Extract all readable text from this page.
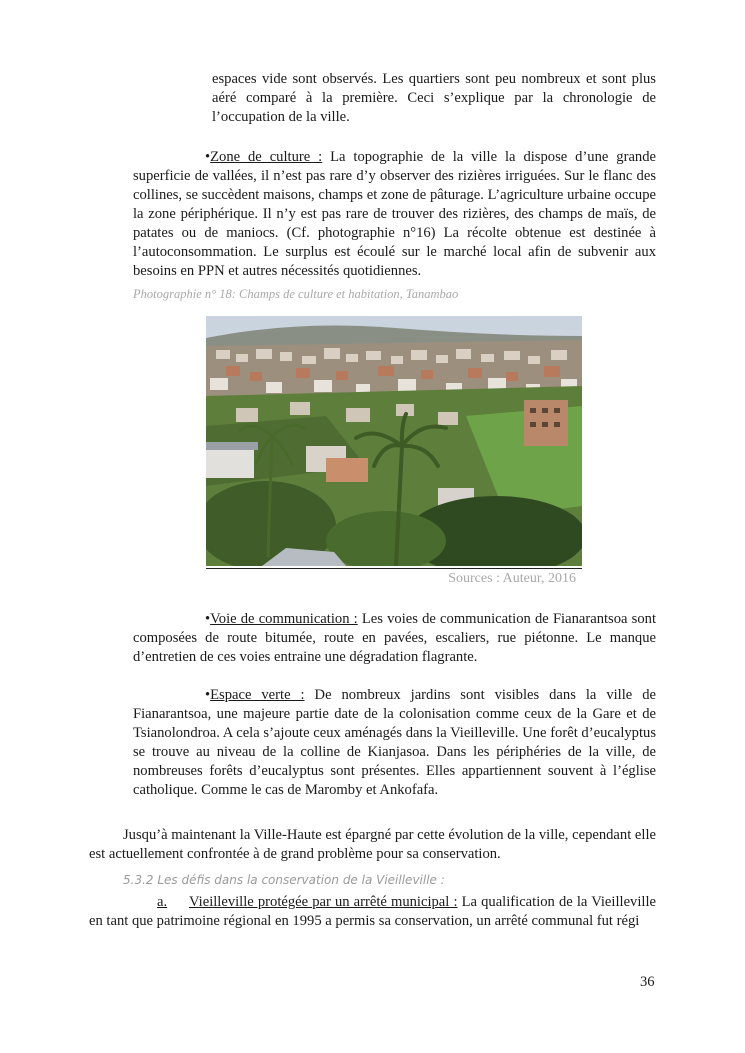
espaces vide sont observés. Les quartiers sont peu nombreux et sont plus

aéré comparé à la première. Ceci s’explique par la chronologie de

l’occupation de la ville.

•Zone de culture : La topographie de la ville la dispose d’une grande superficie de vallées, il n’est pas rare d’y observer des rizières irriguées. Sur le flanc des collines, se succèdent maisons, champs et zone de pâturage. L’agriculture urbaine occupe la zone périphérique. Il n’y est pas rare de trouver des rizières, des champs de maïs, de patates ou de maniocs. (Cf. photographie n°16) La récolte obtenue est destinée à l’autoconsommation. Le surplus est écoulé sur le marché local afin de subvenir aux besoins en PPN et autres nécessités quotidiennes.

Photographie n° 18: Champs de culture et habitation, Tanambao
Sources : Auteur, 2016

•Voie de communication : Les voies de communication de Fianarantsoa sont composées de route bitumée, route en pavées, escaliers, rue piétonne. Le manque d’entretien de ces voies entraine une dégradation flagrante.

•Espace verte : De nombreux jardins sont visibles dans la ville de Fianarantsoa, une majeure partie date de la colonisation comme ceux de la Gare et de Tsianolondroa. A cela s’ajoute ceux aménagés dans la Vieilleville. Une forêt d’eucalyptus se trouve au niveau de la colline de Kianjasoa. Dans les périphéries de la ville, de nombreuses forêts d’eucalyptus sont présentes. Elles appartiennent souvent à l’église catholique. Comme le cas de Maromby et Ankofafa.

Jusqu’à maintenant la Ville-Haute est épargné par cette évolution de la ville, cependant elle est actuellement confrontée à de grand problème pour sa conservation.

5.3.2 Les défis dans la conservation de la Vieilleville :

a. Vieilleville protégée par un arrêté municipal : La qualification de la Vieilleville en tant que patrimoine régional en 1995 a permis sa conservation, un arrêté communal fut régi

36
